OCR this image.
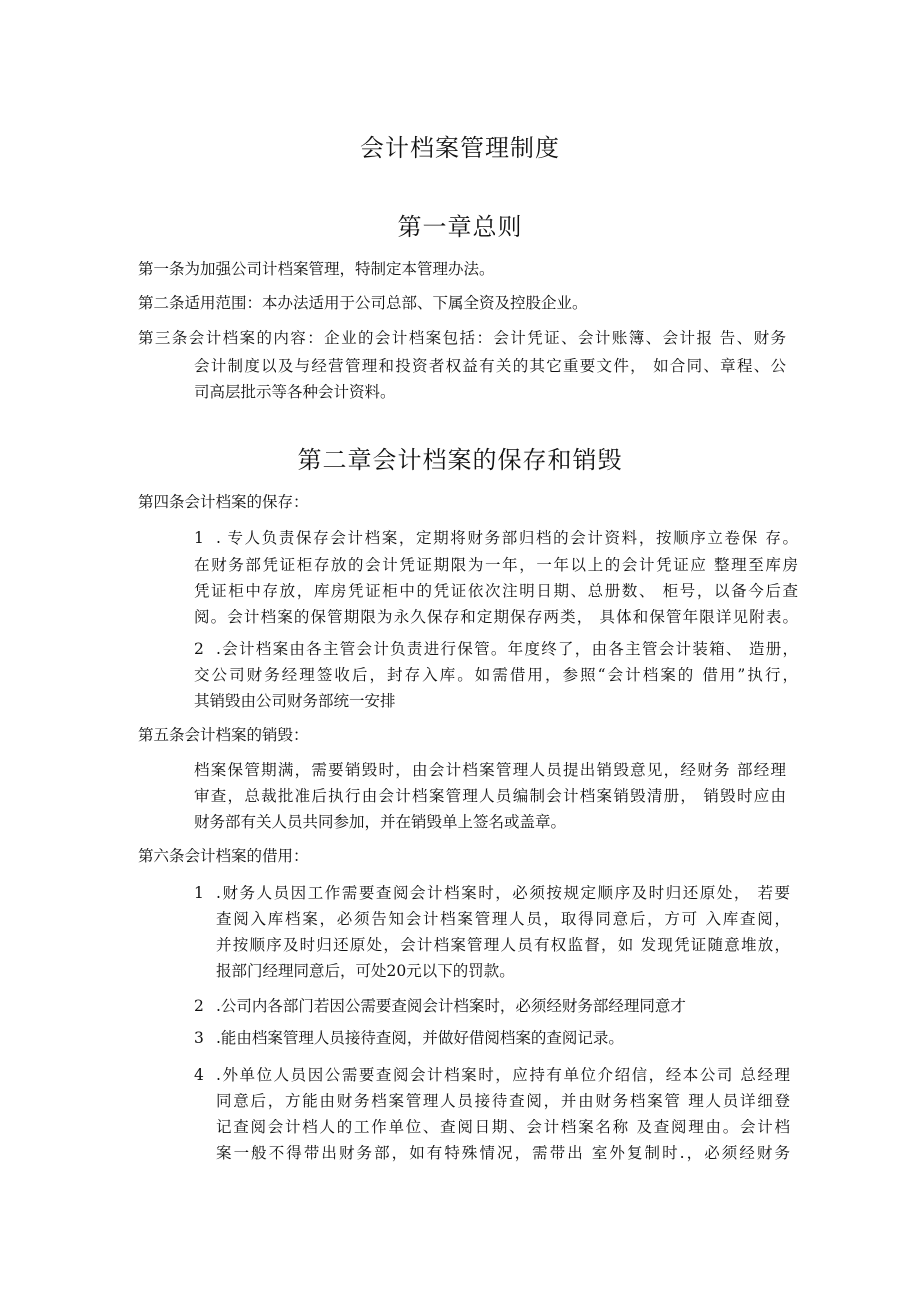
会计档案管理制度
第一章总则
第一条为加强公司计档案管理，特制定本管理办法。
第二条适用范围：本办法适用于公司总部、下属全资及控股企业。
第三条会计档案的内容：企业的会计档案包括：会计凭证、会计账簿、会计报 告、财务
会计制度以及与经营管理和投资者权益有关的其它重要文件， 如合同、章程、公
司高层批示等各种会计资料。
第二章会计档案的保存和销毁
第四条会计档案的保存：
1 . 专人负责保存会计档案，定期将财务部归档的会计资料，按顺序立卷保 存。
在财务部凭证柜存放的会计凭证期限为一年，一年以上的会计凭证应 整理至库房
凭证柜中存放，库房凭证柜中的凭证依次注明日期、总册数、 柜号，以备今后查
阅。会计档案的保管期限为永久保存和定期保存两类， 具体和保管年限详见附表。
2 .会计档案由各主管会计负责进行保管。年度终了，由各主管会计装箱、 造册，
交公司财务经理签收后，封存入库。如需借用，参照“会计档案的 借用”执行，
其销毁由公司财务部统一安排
第五条会计档案的销毁：
档案保管期满，需要销毁时，由会计档案管理人员提出销毁意见，经财务 部经理
审查，总裁批准后执行由会计档案管理人员编制会计档案销毁清册， 销毁时应由
财务部有关人员共同参加，并在销毁单上签名或盖章。
第六条会计档案的借用：
1 .财务人员因工作需要查阅会计档案时，必须按规定顺序及时归还原处， 若要
查阅入库档案，必须告知会计档案管理人员，取得同意后，方可 入库查阅，
并按顺序及时归还原处，会计档案管理人员有权监督，如 发现凭证随意堆放，
报部门经理同意后，可处20元以下的罚款。
2 .公司内各部门若因公需要查阅会计档案时，必须经财务部经理同意才
3 .能由档案管理人员接待查阅，并做好借阅档案的查阅记录。
4 .外单位人员因公需要查阅会计档案时，应持有单位介绍信，经本公司 总经理
同意后，方能由财务档案管理人员接待查阅，并由财务档案管 理人员详细登
记查阅会计档人的工作单位、查阅日期、会计档案名称 及查阅理由。会计档
案一般不得带出财务部，如有特殊情况，需带出 室外复制时.，必须经财务
